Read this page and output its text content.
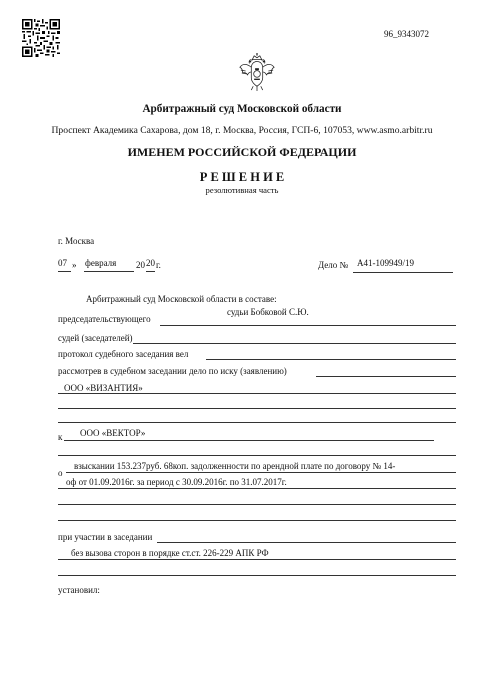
96_9343072
Арбитражный суд Московской области
Проспект Академика Сахарова, дом 18, г. Москва, Россия, ГСП-6, 107053, www.asmo.arbitr.ru
ИМЕНЕМ РОССИЙСКОЙ ФЕДЕРАЦИИ
Р Е Ш Е Н И Е
резолютивная часть
г. Москва
07 » февраля 20 20 г.	Дело № А41-109949/19
Арбитражный суд Московской области в составе:
председательствующего
судьи Бобковой С.Ю.
судей (заседателей)
протокол судебного заседания вел
рассмотрев в судебном заседании дело по иску (заявлению)
ООО «ВИЗАНТИЯ»
к ООО «ВЕКТОР»
о
взыскании 153.237руб. 68коп. задолженности по арендной плате по договору № 14-
оф от 01.09.2016г. за период с 30.09.2016г. по 31.07.2017г.
при участии в заседании
без вызова сторон в порядке ст.ст. 226-229 АПК РФ
установил:
